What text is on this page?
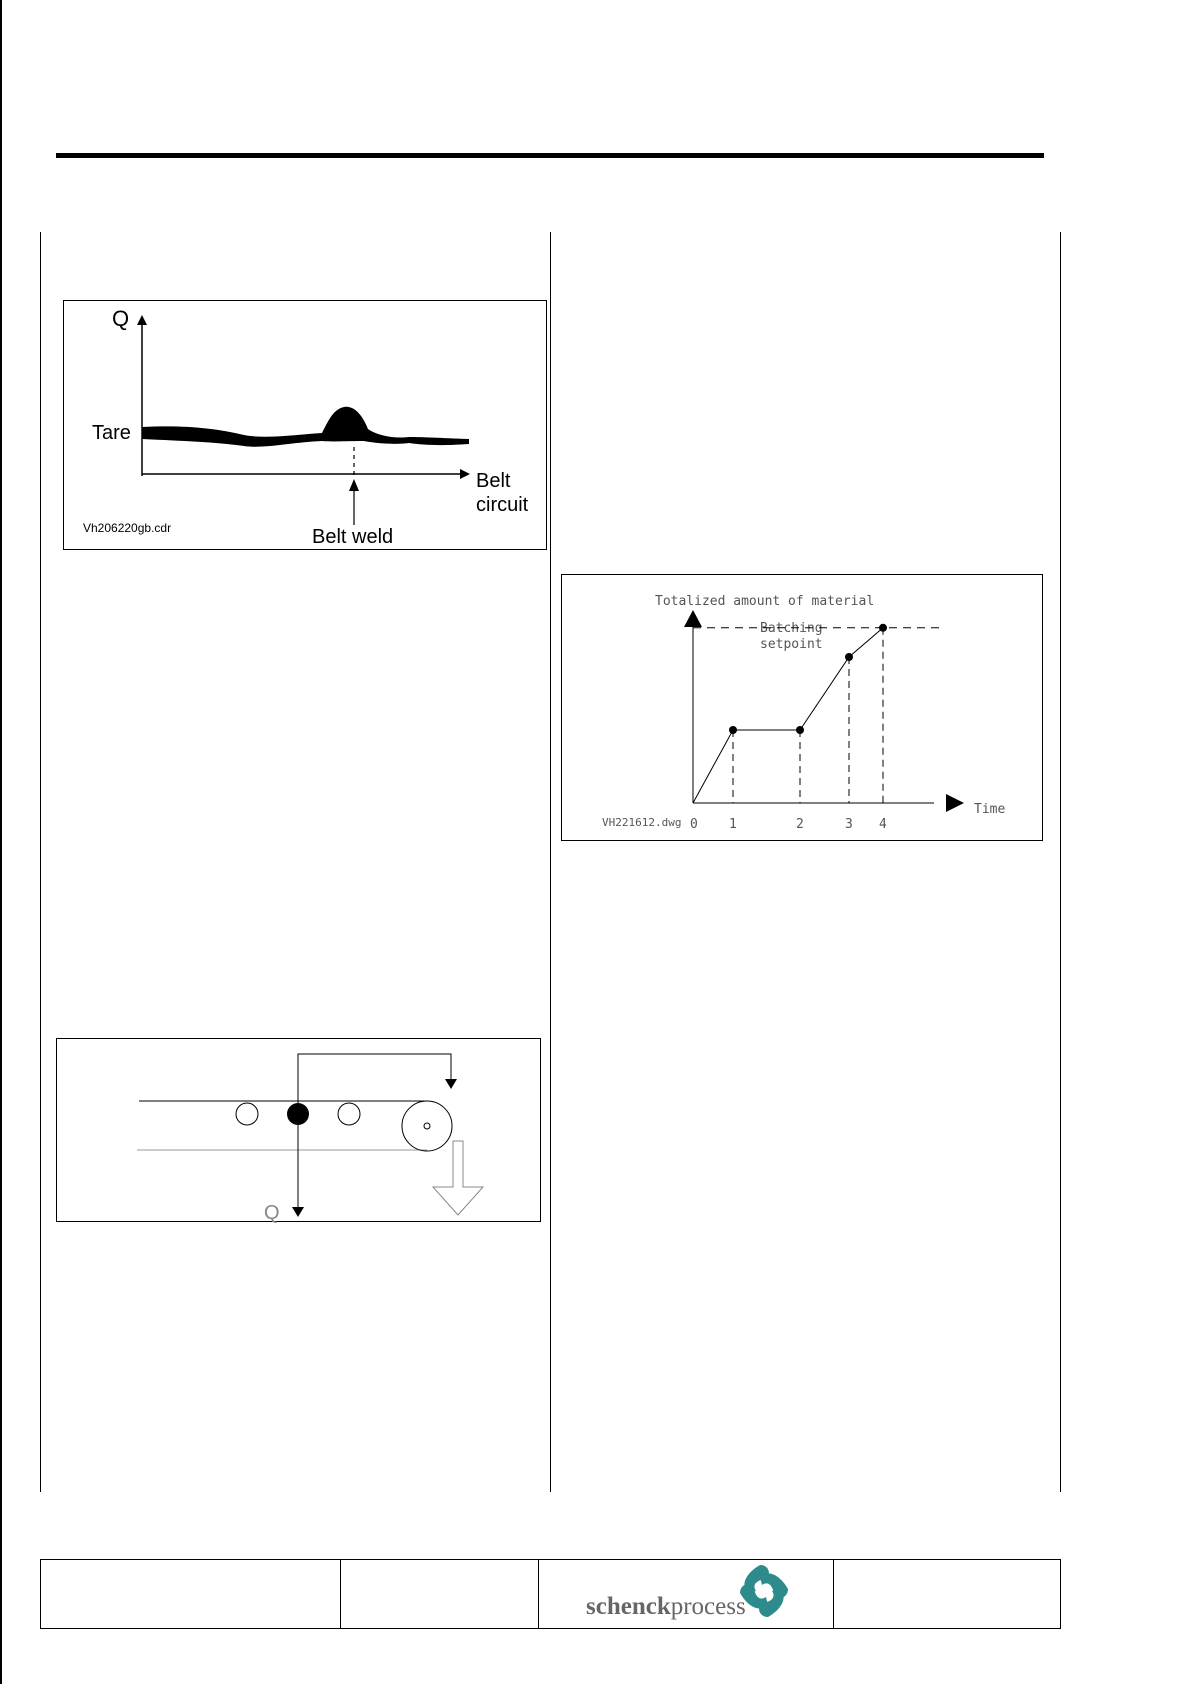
Q
Tare
Belt
circuit
Belt weld
Vh206220gb.cdr
Q
Totalized amount of material
Batching
setpoint
Time
VH221612.dwg 0 1	2	3 4
schenckprocess
